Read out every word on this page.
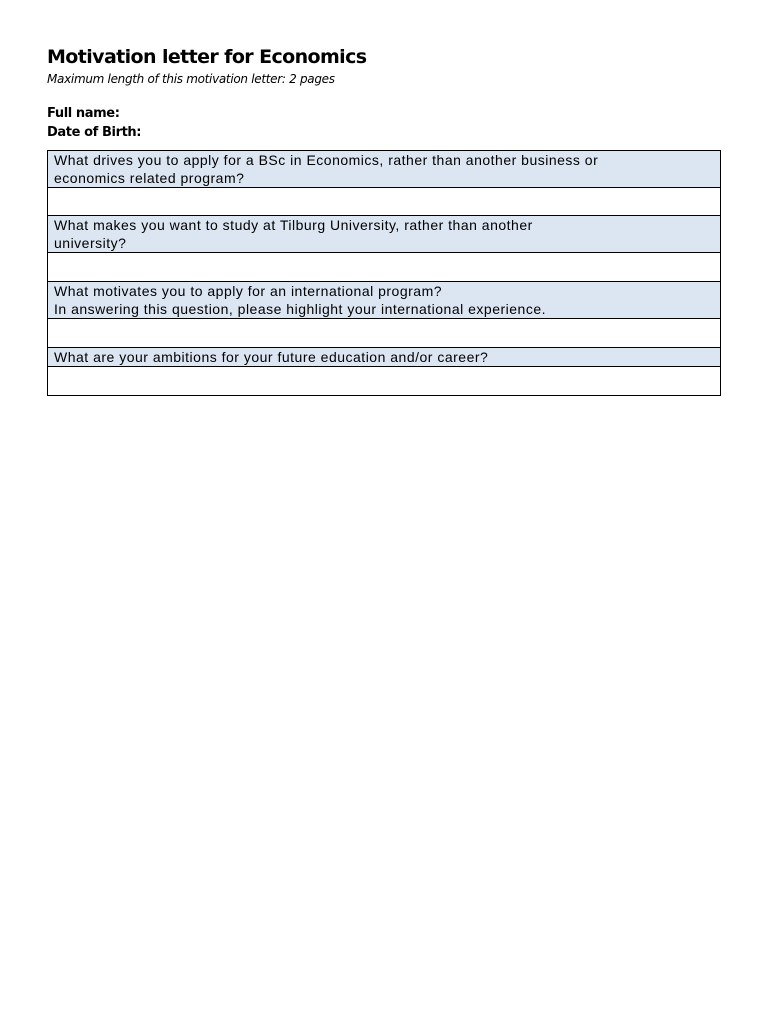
Motivation letter for Economics
Maximum length of this motivation letter: 2 pages
Full name:
Date of Birth:
What drives you to apply for a BSc in Economics, rather than another business or
economics related program?

What makes you want to study at Tilburg University, rather than another
university?

What motivates you to apply for an international program?
In answering this question, please highlight your international experience.

What are your ambitions for your future education and/or career?
